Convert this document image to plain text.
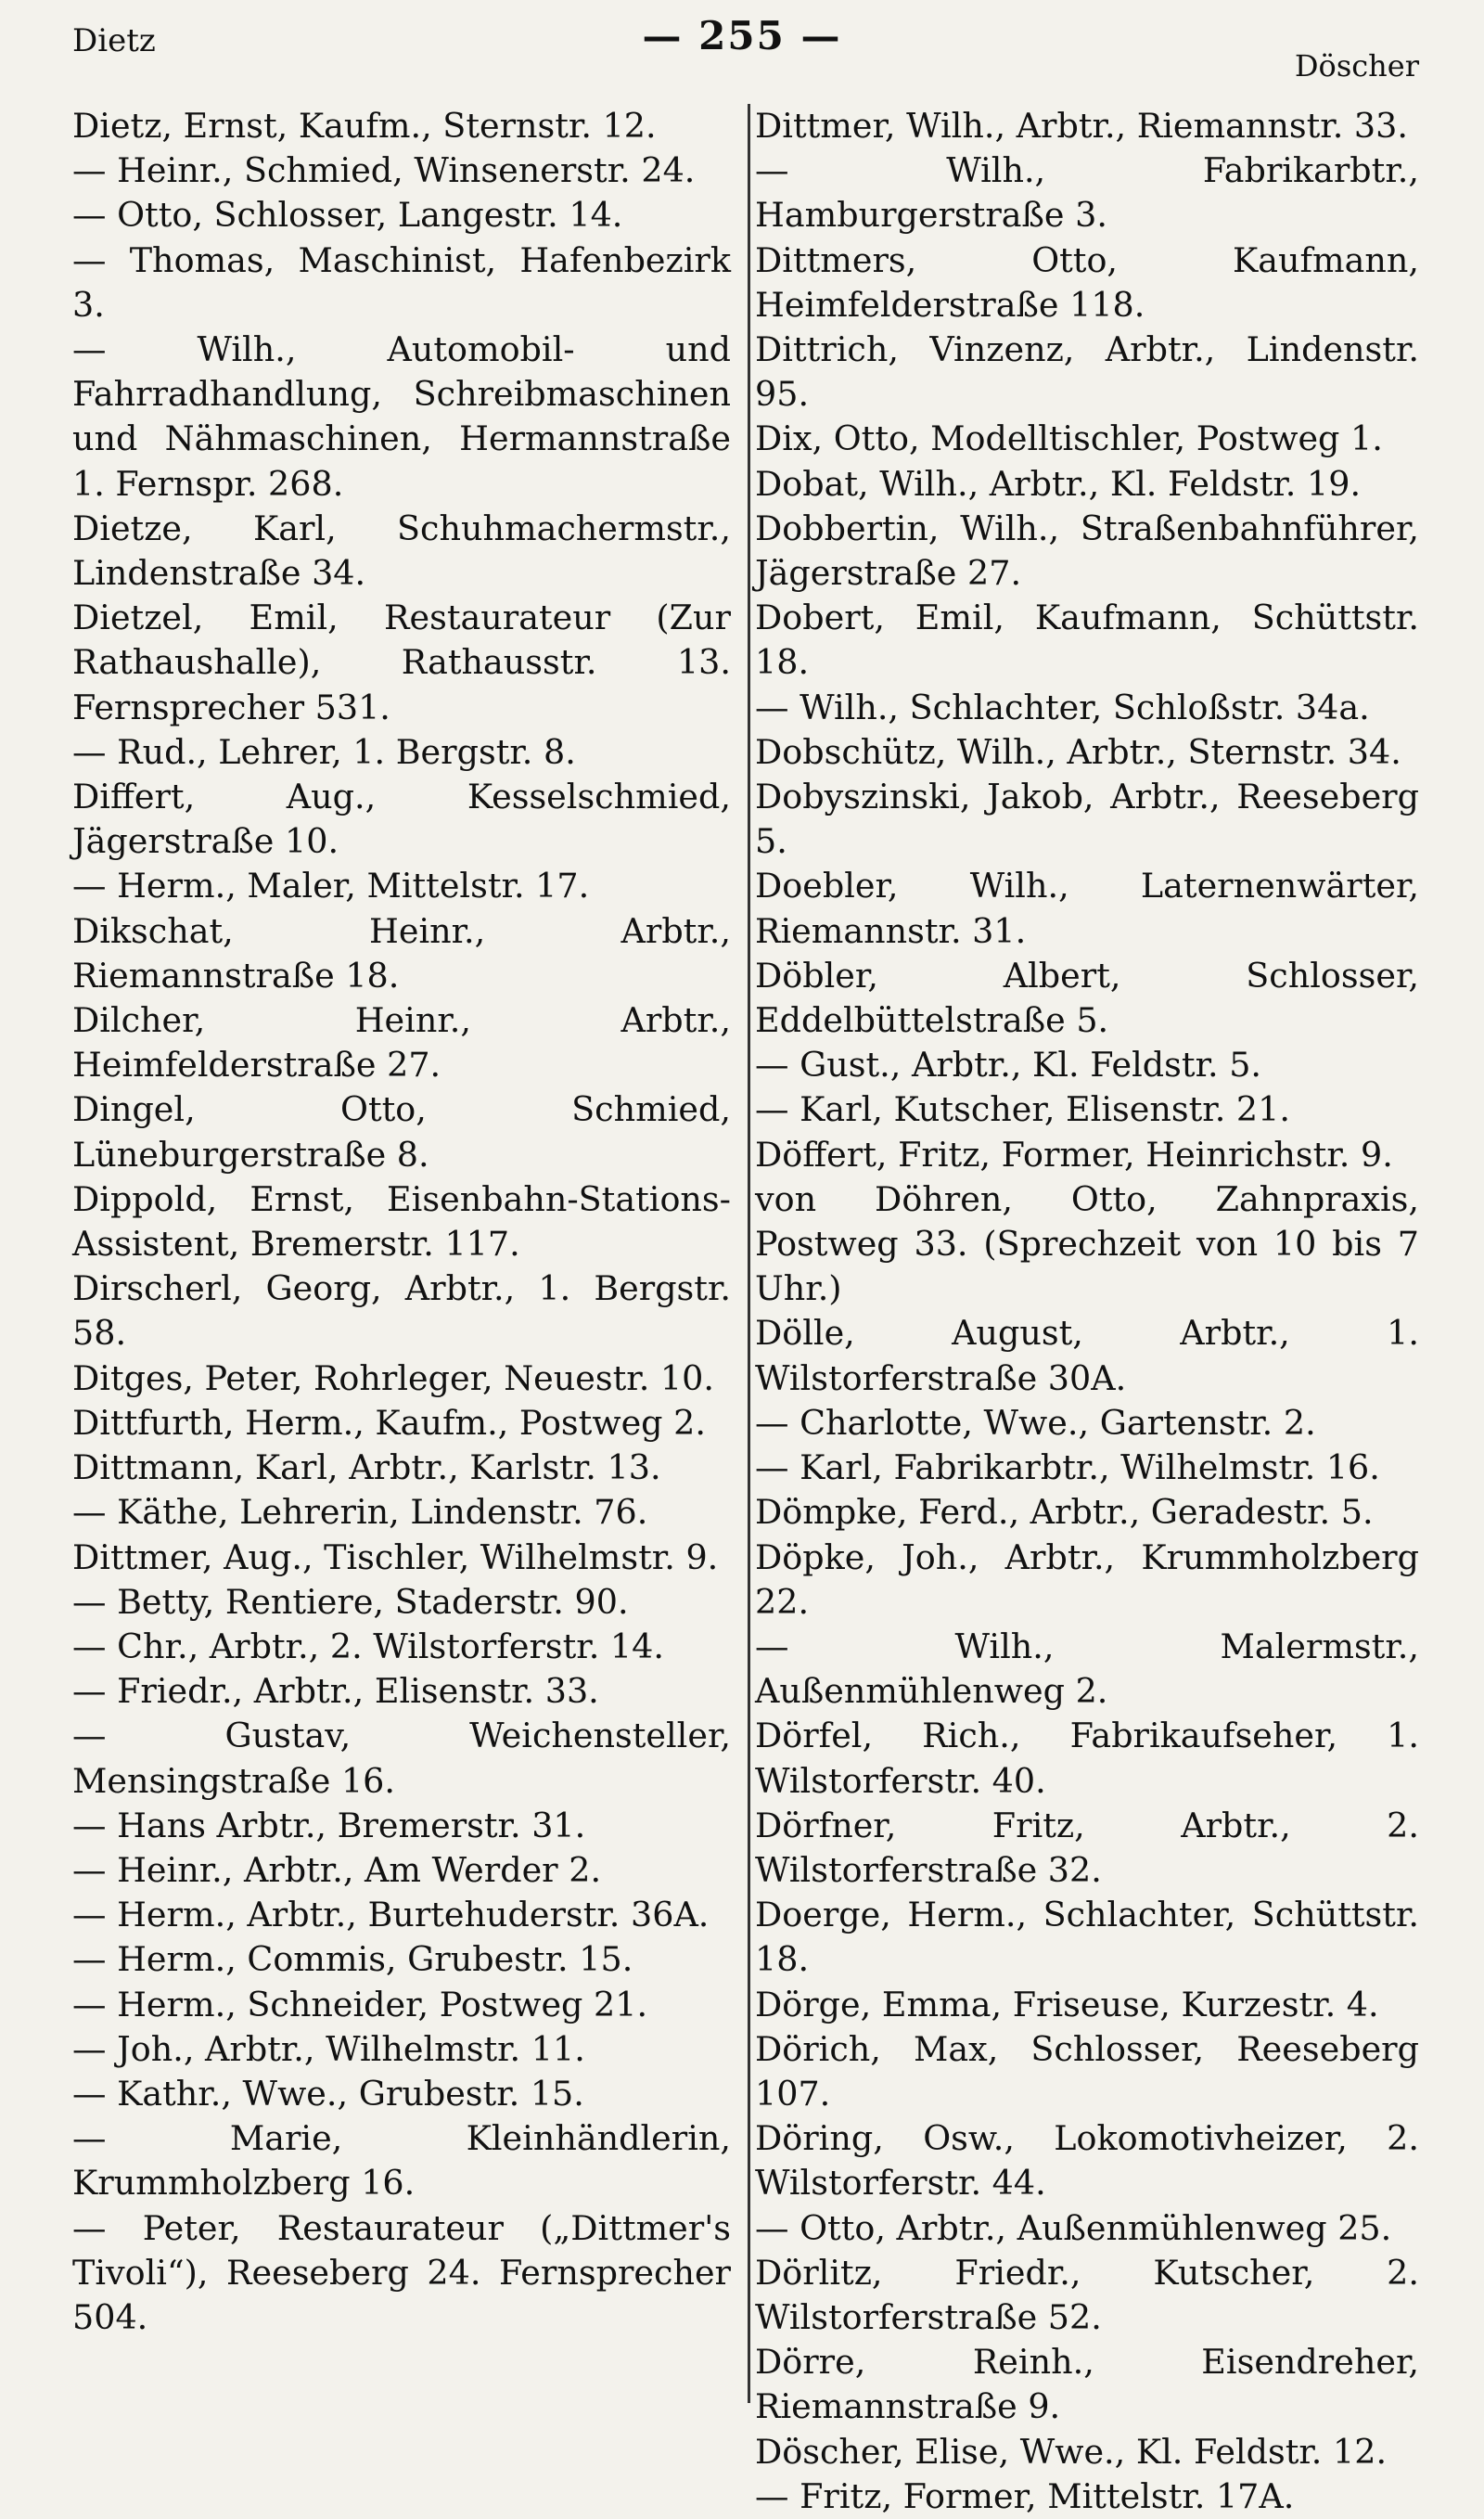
Dietz	— 255 —
Döscher

Dietz, Ernst, Kaufm., Sternstr. 12.

— Heinr., Schmied, Winsenerstr. 24.

— Otto, Schlosser, Langestr. 14.

— Thomas, Maschinist, Hafenbezirk 3.

— Wilh., Automobil- und Fahrradhandlung, Schreibmaschinen und Nähmaschinen, Hermannstraße 1. Fernspr. 268.

Dietze, Karl, Schuhmachermstr., Lindenstraße 34.

Dietzel, Emil, Restaurateur (Zur Rathaushalle), Rathausstr. 13. Fernsprecher 531.

— Rud., Lehrer, 1. Bergstr. 8.

Differt, Aug., Kesselschmied, Jägerstraße 10.

— Herm., Maler, Mittelstr. 17.

Dikschat, Heinr., Arbtr., Riemannstraße 18.

Dilcher, Heinr., Arbtr., Heimfelderstraße 27.

Dingel, Otto, Schmied, Lüneburgerstraße 8.

Dippold, Ernst, Eisenbahn-Stations-Assistent, Bremerstr. 117.

Dirscherl, Georg, Arbtr., 1. Bergstr. 58.

Ditges, Peter, Rohrleger, Neuestr. 10.

Dittfurth, Herm., Kaufm., Postweg 2.

Dittmann, Karl, Arbtr., Karlstr. 13.

— Käthe, Lehrerin, Lindenstr. 76.

Dittmer, Aug., Tischler, Wilhelmstr. 9.

— Betty, Rentiere, Staderstr. 90.

— Chr., Arbtr., 2. Wilstorferstr. 14.

— Friedr., Arbtr., Elisenstr. 33.

— Gustav, Weichensteller, Mensingstraße 16.

— Hans Arbtr., Bremerstr. 31.

— Heinr., Arbtr., Am Werder 2.

— Herm., Arbtr., Burtehuderstr. 36A.

— Herm., Commis, Grubestr. 15.

— Herm., Schneider, Postweg 21.

— Joh., Arbtr., Wilhelmstr. 11.

— Kathr., Wwe., Grubestr. 15.

— Marie, Kleinhändlerin, Krummholzberg 16.

— Peter, Restaurateur („Dittmer's Tivoli“), Reeseberg 24. Fernsprecher 504.

Dittmer, Wilh., Arbtr., Riemannstr. 33.

— Wilh., Fabrikarbtr., Hamburgerstraße 3.

Dittmers, Otto, Kaufmann, Heimfelderstraße 118.

Dittrich, Vinzenz, Arbtr., Lindenstr. 95.

Dix, Otto, Modelltischler, Postweg 1.

Dobat, Wilh., Arbtr., Kl. Feldstr. 19.

Dobbertin, Wilh., Straßenbahnführer, Jägerstraße 27.

Dobert, Emil, Kaufmann, Schüttstr. 18.

— Wilh., Schlachter, Schloßstr. 34a.

Dobschütz, Wilh., Arbtr., Sternstr. 34.

Dobyszinski, Jakob, Arbtr., Reeseberg 5.

Doebler, Wilh., Laternenwärter, Riemannstr. 31.

Döbler, Albert, Schlosser, Eddelbüttelstraße 5.

— Gust., Arbtr., Kl. Feldstr. 5.

— Karl, Kutscher, Elisenstr. 21.

Döffert, Fritz, Former, Heinrichstr. 9.

von Döhren, Otto, Zahnpraxis, Postweg 33. (Sprechzeit von 10 bis 7 Uhr.)

Dölle, August, Arbtr., 1. Wilstorferstraße 30A.

— Charlotte, Wwe., Gartenstr. 2.

— Karl, Fabrikarbtr., Wilhelmstr. 16.

Dömpke, Ferd., Arbtr., Geradestr. 5.

Döpke, Joh., Arbtr., Krummholzberg 22.

— Wilh., Malermstr., Außenmühlenweg 2.

Dörfel, Rich., Fabrikaufseher, 1. Wilstorferstr. 40.

Dörfner, Fritz, Arbtr., 2. Wilstorferstraße 32.

Doerge, Herm., Schlachter, Schüttstr. 18.

Dörge, Emma, Friseuse, Kurzestr. 4.

Dörich, Max, Schlosser, Reeseberg 107.

Döring, Osw., Lokomotivheizer, 2. Wilstorferstr. 44.

— Otto, Arbtr., Außenmühlenweg 25.

Dörlitz, Friedr., Kutscher, 2. Wilstorferstraße 52.

Dörre, Reinh., Eisendreher, Riemannstraße 9.

Döscher, Elise, Wwe., Kl. Feldstr. 12.

— Fritz, Former, Mittelstr. 17A.
